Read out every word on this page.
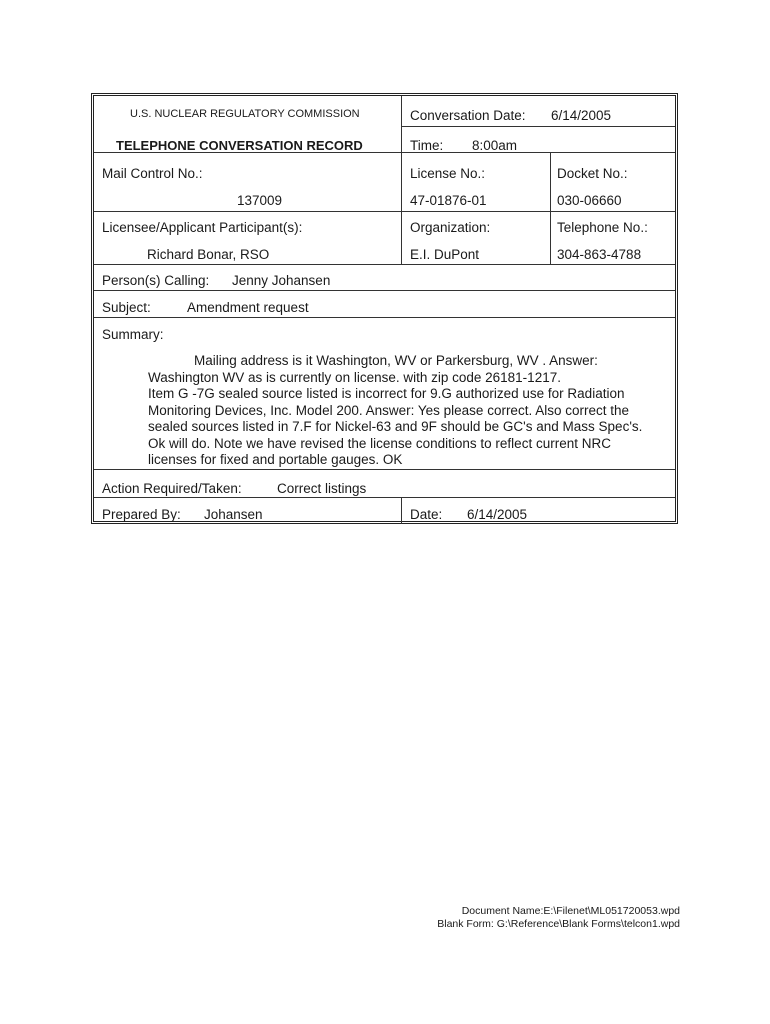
U.S. NUCLEAR REGULATORY COMMISSION
TELEPHONE CONVERSATION RECORD
Conversation Date: 6/14/2005
Time: 8:00am
Mail Control No.:
137009
License No.:
47-01876-01
Docket No.:
030-06660
Licensee/Applicant Participant(s):
Richard Bonar, RSO
Organization:
E.I. DuPont
Telephone No.:
304-863-4788
Person(s) Calling: Jenny Johansen
Subject:	Amendment request
Summary:

Mailing address is it Washington, WV or Parkersburg, WV . Answer:

Washington WV as is currently on license. with zip code 26181-1217.

Item G -7G sealed source listed is incorrect for 9.G authorized use for Radiation

Monitoring Devices, Inc. Model 200. Answer: Yes please correct. Also correct the

sealed sources listed in 7.F for Nickel-63 and 9F should be GC's and Mass Spec's.

Ok will do. Note we have revised the license conditions to reflect current NRC

licenses for fixed and portable gauges. OK

Action Required/Taken:	Correct listings
Prepared By: Johansen	Date: 6/14/2005
Document Name:E:\Filenet\ML051720053.wpd
Blank Form: G:\Reference\Blank Forms\telcon1.wpd
